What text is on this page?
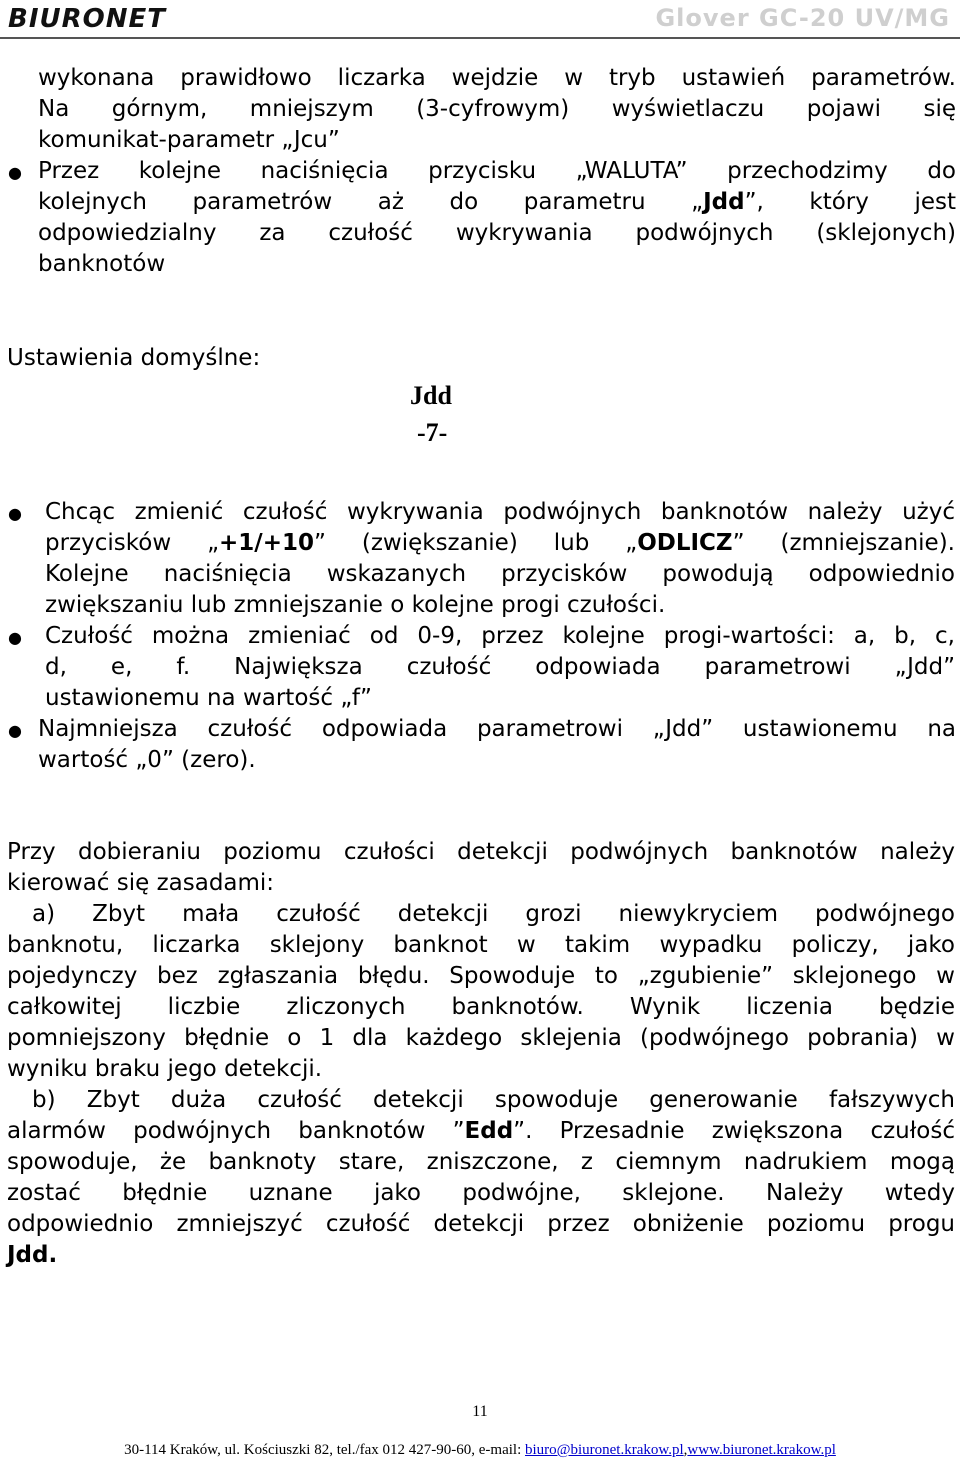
BIURONET	Glover GC-20 UV/MG
wykonana prawidłowo liczarka wejdzie w tryb ustawień parametrów.
Na górnym, mniejszym (3-cyfrowym) wyświetlaczu pojawi się
komunikat-parametr „Jcu”
● Przez kolejne naciśnięcia przycisku „WALUTA” przechodzimy do
kolejnych parametrów aż do parametru „Jdd”, który jest
odpowiedzialny za czułość wykrywania podwójnych (sklejonych)
banknotów
Ustawienia domyślne:
Jdd
-7-
● Chcąc zmienić czułość wykrywania podwójnych banknotów należy użyć
przycisków „+1/+10” (zwiększanie) lub „ODLICZ” (zmniejszanie).
Kolejne naciśnięcia wskazanych przycisków powodują odpowiednio
zwiększaniu lub zmniejszanie o kolejne progi czułości.
● Czułość można zmieniać od 0-9, przez kolejne progi-wartości: a, b, c,
d, e, f. Największa czułość odpowiada parametrowi „Jdd”
ustawionemu na wartość „f”
● Najmniejsza czułość odpowiada parametrowi „Jdd” ustawionemu na
wartość „0” (zero).
Przy dobieraniu poziomu czułości detekcji podwójnych banknotów należy
kierować się zasadami:
a) Zbyt mała czułość detekcji grozi niewykryciem podwójnego
banknotu, liczarka sklejony banknot w takim wypadku policzy, jako
pojedynczy bez zgłaszania błędu. Spowoduje to „zgubienie” sklejonego w
całkowitej liczbie zliczonych banknotów. Wynik liczenia będzie
pomniejszony błędnie o 1 dla każdego sklejenia (podwójnego pobrania) w
wyniku braku jego detekcji.
b) Zbyt duża czułość detekcji spowoduje generowanie fałszywych
alarmów podwójnych banknotów ”Edd”. Przesadnie zwiększona czułość
spowoduje, że banknoty stare, zniszczone, z ciemnym nadrukiem mogą
zostać błędnie uznane jako podwójne, sklejone. Należy wtedy
odpowiednio zmniejszyć czułość detekcji przez obniżenie poziomu progu
Jdd.
11
30-114 Kraków, ul. Kościuszki 82, tel./fax 012 427-90-60, e-mail: biuro@biuronet.krakow.pl,www.biuronet.krakow.pl
